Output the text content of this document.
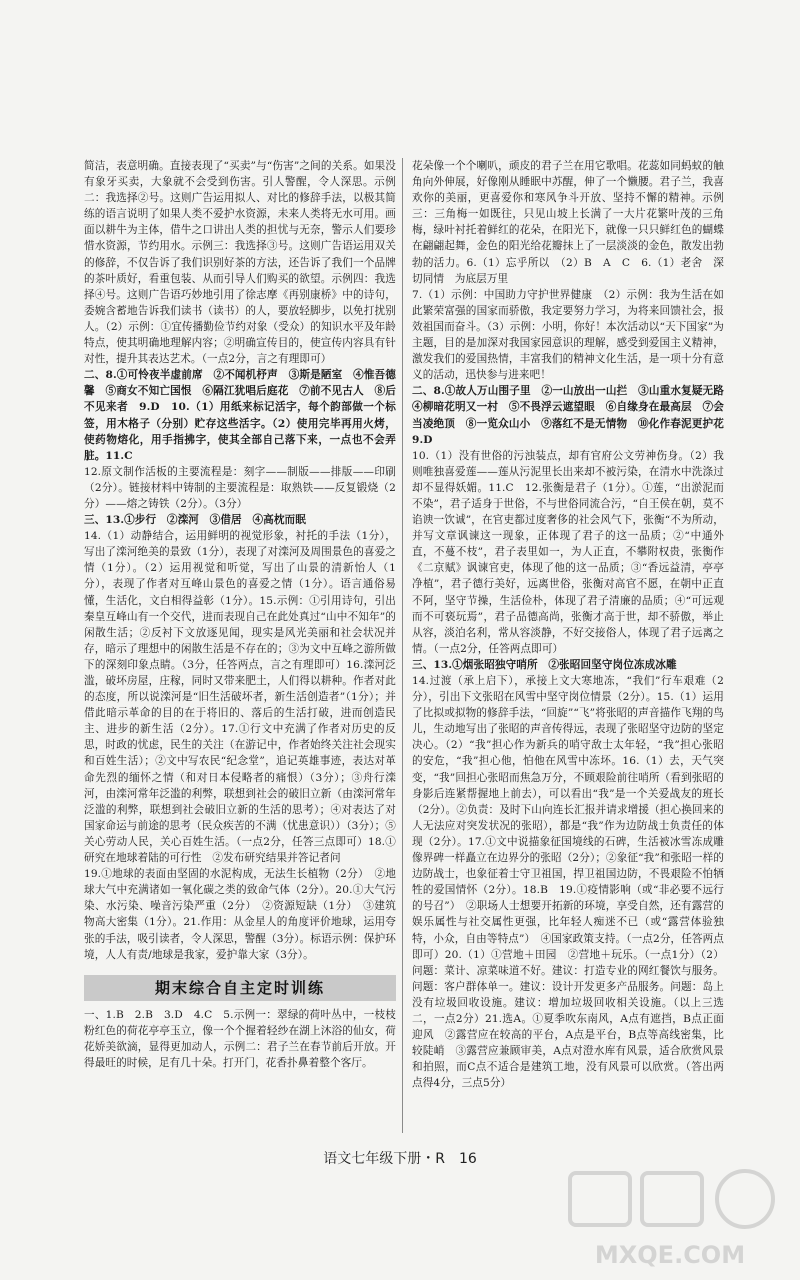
简洁，表意明确。直接表现了“买卖”与“伤害”之间的关系。如果没有象牙买卖，大象就不会受到伤害。引人警醒，令人深思。示例二：我选择②号。这则广告运用拟人、对比的修辞手法，以极其简练的语言说明了如果人类不爱护水资源，未来人类将无水可用。画面以耕牛为主体，借牛之口讲出人类的担忧与无奈，警示人们要珍惜水资源，节约用水。示例三：我选择③号。这则广告语运用双关的修辞，不仅告诉了我们识别好茶的方法，还告诉了我们一个品牌的茶叶质好，看重包装、从而引导人们购买的欲望。示例四：我选择④号。这则广告语巧妙地引用了徐志摩《再别康桥》中的诗句，委婉含蓄地告诉我们读书（读书）的人，要放轻脚步，以免打扰别人。（2）示例：①宜传播勤俭节约对象（受众）的知识水平及年龄特点，使其明确地理解内容；②明确宣传目的，使宣传内容具有针对性，提升其表达艺术。（一点2分，言之有理即可）

二、8.①可怜夜半虚前席　②不闻机杼声　③斯是陋室　④惟吾德馨　⑤商女不知亡国恨　⑥隔江犹唱后庭花　⑦前不见古人　⑧后不见来者　9.D　10.（1）用纸来标记活字，每个韵部做一个标签，用木格子（分别）贮存这些活字。（2）使用完毕再用火烤，使药物熔化，用手指拂字，使其全部自己落下来，一点也不会弄脏。11.C

12.原文制作活板的主要流程是：刻字——制版——排版——印刷（2分）。链接材料中铸制的主要流程是：取熟铁——反复锻烧（2分）——熔之铸铁（2分）。（3分）

三、13.①步行　②滦河　③借居　④高枕而眠

14.（1）动静结合，运用鲜明的视觉形象，衬托的手法（1分），写出了滦河绝美的景致（1分），表现了对滦河及周围景色的喜爱之情（1分）。（2）运用视觉和听觉，写出了山景的清新怡人（1分），表现了作者对互峰山景色的喜爱之情（1分）。语言通俗易懂，生活化，文白相得益彰（1分）。15.示例：①引用诗句，引出秦皇互峰山有一个交代，进而表现自己在此处真过“山中不知年”的闲散生活；②反衬下文放逐见闻，现实是风光美丽和社会状况并存，暗示了理想中的闲散生活是不存在的；③为文中互峰之游所做下的深刻印象点睛。（3分，任答两点，言之有理即可）16.滦河泛滥，破坏房屋，庄稼，同时又带来肥土，人们得以耕种。作者对此的态度，所以说滦河是“旧生活破坏者，新生活创造者”（1分）；并借此暗示革命的目的在于将旧的、落后的生活打破，进而创造民主、进步的新生活（2分）。17.①行文中充满了作者对历史的反思，时政的忧虑，民生的关注（在游记中，作者始终关注社会现实和百姓生活）；②文中写农民“纪念堂”，追记英雄事迹，表达对革命先烈的缅怀之情（和对日本侵略者的痛恨）（3分）；③舟行滦河，由滦河常年泛滥的利弊，联想到社会的破旧立新（由滦河常年泛滥的利弊，联想到社会破旧立新的生活的思考）；④对表达了对国家命运与前途的思考（民众疾苦的不满（忧患意识））（3分）；⑤关心劳动人民，关心百姓生活。（一点2分，任答三点即可）18.①研究在地球着陆的可行性　②发布研究结果并答记者问

19.①地球的表面由坚固的水泥构成，无法生长植物（2分）　②地球大气中充满诸如一氧化碳之类的致命气体（2分）。20.①大气污染、水污染、噪音污染严重（2分）　②资源短缺（1分）　③建筑物高大密集（1分）。21.作用：从金星人的角度评价地球，运用夸张的手法，吸引读者，令人深思，警醒（3分）。标语示例：保护环境，人人有责/地球是我家，爱护靠大家（3分）。

期末综合自主定时训练

一、1.B　2.B　3.D　4.C　5.示例一：翠绿的荷叶丛中，一枝枝粉红色的荷花亭亭玉立，像一个个握着轻纱在湖上沐浴的仙女，荷花娇美欲滴，显得更加动人，示例二：君子兰在春节前后开放。开得最旺的时候，足有几十朵。打开门，花香扑鼻着整个客厅。

花朵像一个个喇叭，顽皮的君子兰在用它歌唱。花蕊如同蚂蚁的触角向外伸展，好像刚从睡眠中苏醒，伸了一个懒腰。君子兰，我喜欢你的美丽，更喜爱你和寒风争斗开放、坚持不懈的精神。示例三：三角梅一如既往，只见山坡上长满了一大片花繁叶茂的三角梅，绿叶衬托着鲜红的花朵，在阳光下，就像一只只鲜红色的蝴蝶在翩翩起舞，金色的阳光给花瓣抹上了一层淡淡的金色，散发出勃勃的活力。6.（1）忘乎所以　（2）B　A　C　6.（1）老舍　深切同情　为底层万里

7.（1）示例：中国助力守护世界健康　（2）示例：我为生活在如此繁荣富强的国家而骄傲，我定要努力学习，为将来回馈社会，报效祖国而奋斗。（3）示例：小明，你好！本次活动以“天下国家”为主题，目的是加深对我国家园意识的理解，感受到爱国主义精神，激发我们的爱国热情，丰富我们的精神文化生活，是一项十分有意义的活动，迅快参与进来吧！

二、8.①故人万山围子里　②一山放出一山拦　③山重水复疑无路　④柳暗花明又一村　⑤不畏浮云遮望眼　⑥自缘身在最高层　⑦会当凌绝顶　⑧一览众山小　⑨落红不是无情物　⑩化作春泥更护花　9.D

10.（1）没有世俗的污浊装点，却有官府公文劳神伤身。（2）我则唯独喜爱莲——莲从污泥里长出来却不被污染，在清水中洗涤过却不显得妖媚。11.C　12.张衡是君子（1分）。①莲，“出淤泥而不染”，君子适身于世俗，不与世俗同流合污，“自王侯在朝，莫不谄谀一饮诚”，在官吏都过度奢侈的社会风气下，张衡“不为所动，并写文章讽谏这一现象，正体现了君子的这一品质；②“中通外直，不蔓不枝”，君子表里如一，为人正直，不攀附权贵，张衡作《二京赋》讽谏官吏，体现了他的这一品质；③“香远益清，亭亭净植”，君子德行美好，远离世俗，张衡对高官不愿，在朝中正直不阿，坚守节操，生活俭朴，体现了君子清廉的品质；④“可远观而不可亵玩焉”，君子品德高尚，张衡才高于世，却不骄傲，举止从容，淡泊名利，常从容淡静，不好交接俗人，体现了君子远离之情。（一点2分，任答两点即可）

三、13.①烟张昭独守哨所　②张昭回坚守岗位冻成冰雕

14.过渡（承上启下），承接上文大寒地冻，“我们”行车艰难（2分），引出下文张昭在风雪中坚守岗位情景（2分）。15.（1）运用了比拟或拟物的修辞手法，“回旋”“飞”将张昭的声音描作飞翔的鸟儿，生动地写出了张昭的声音传得远，表现了张昭坚守边防的坚定决心。（2）“我”担心作为新兵的哨守敌士太年轻，“我”担心张昭的安危，“我”担心他，怕他在风雪中冻坏。16.（1）去，天气突变，“我”回担心张昭而焦急万分，不顾艰险前往哨所（看到张昭的身影后连紧帮握地上前去），可以看出“我”是一个关爱战友的班长（2分）。②负责：及时下山向连长汇报并请求增援（担心换回来的人无法应对突发状况的张昭），都是“我”作为边防战士负责任的体现（2分）。17.①文中说描象征国境线的石碑，生活被冰雪冻成雕像界碑一样矗立在边界分的张昭（2分）；②象征“我”和张昭一样的边防战士，也象征着士守卫祖国，捍卫祖国边防，不畏艰险不怕牺牲的爱国情怀（2分）。18.B　19.①疫情影响（或“非必要不远行的号召”）　②职场人士想要开拓新的环境，享受自然，还有露营的娱乐属性与社交属性更强，比年轻人痴迷不已（或“露营体验独特，小众，自由等特点”）　④国家政策支持。（一点2分，任答两点即可）20.（1）①营地＋田园　②营地＋玩乐。（一点1分）（2）问题：菜计、凉菜味道不好。建议：打造专业的网红餐饮与服务。问题：客户群体单一。建议：设计开发更多产品服务。问题：岛上没有垃圾回收设施。建议：增加垃圾回收相关设施。（以上三选二，一点2分）21.选A。①夏季吹东南风，A点有遮挡，B点正面迎风　②露营应在较高的平台，A点是平台，B点等高线密集，比较陡峭　③露营应兼顾审美，A点对澄水库有风景，适合欣赏风景和拍照，而C点不适合是建筑工地，没有风景可以欣赏。（答出两点得4分，三点5分）

语文七年级下册・R　16
MXQE.COM
